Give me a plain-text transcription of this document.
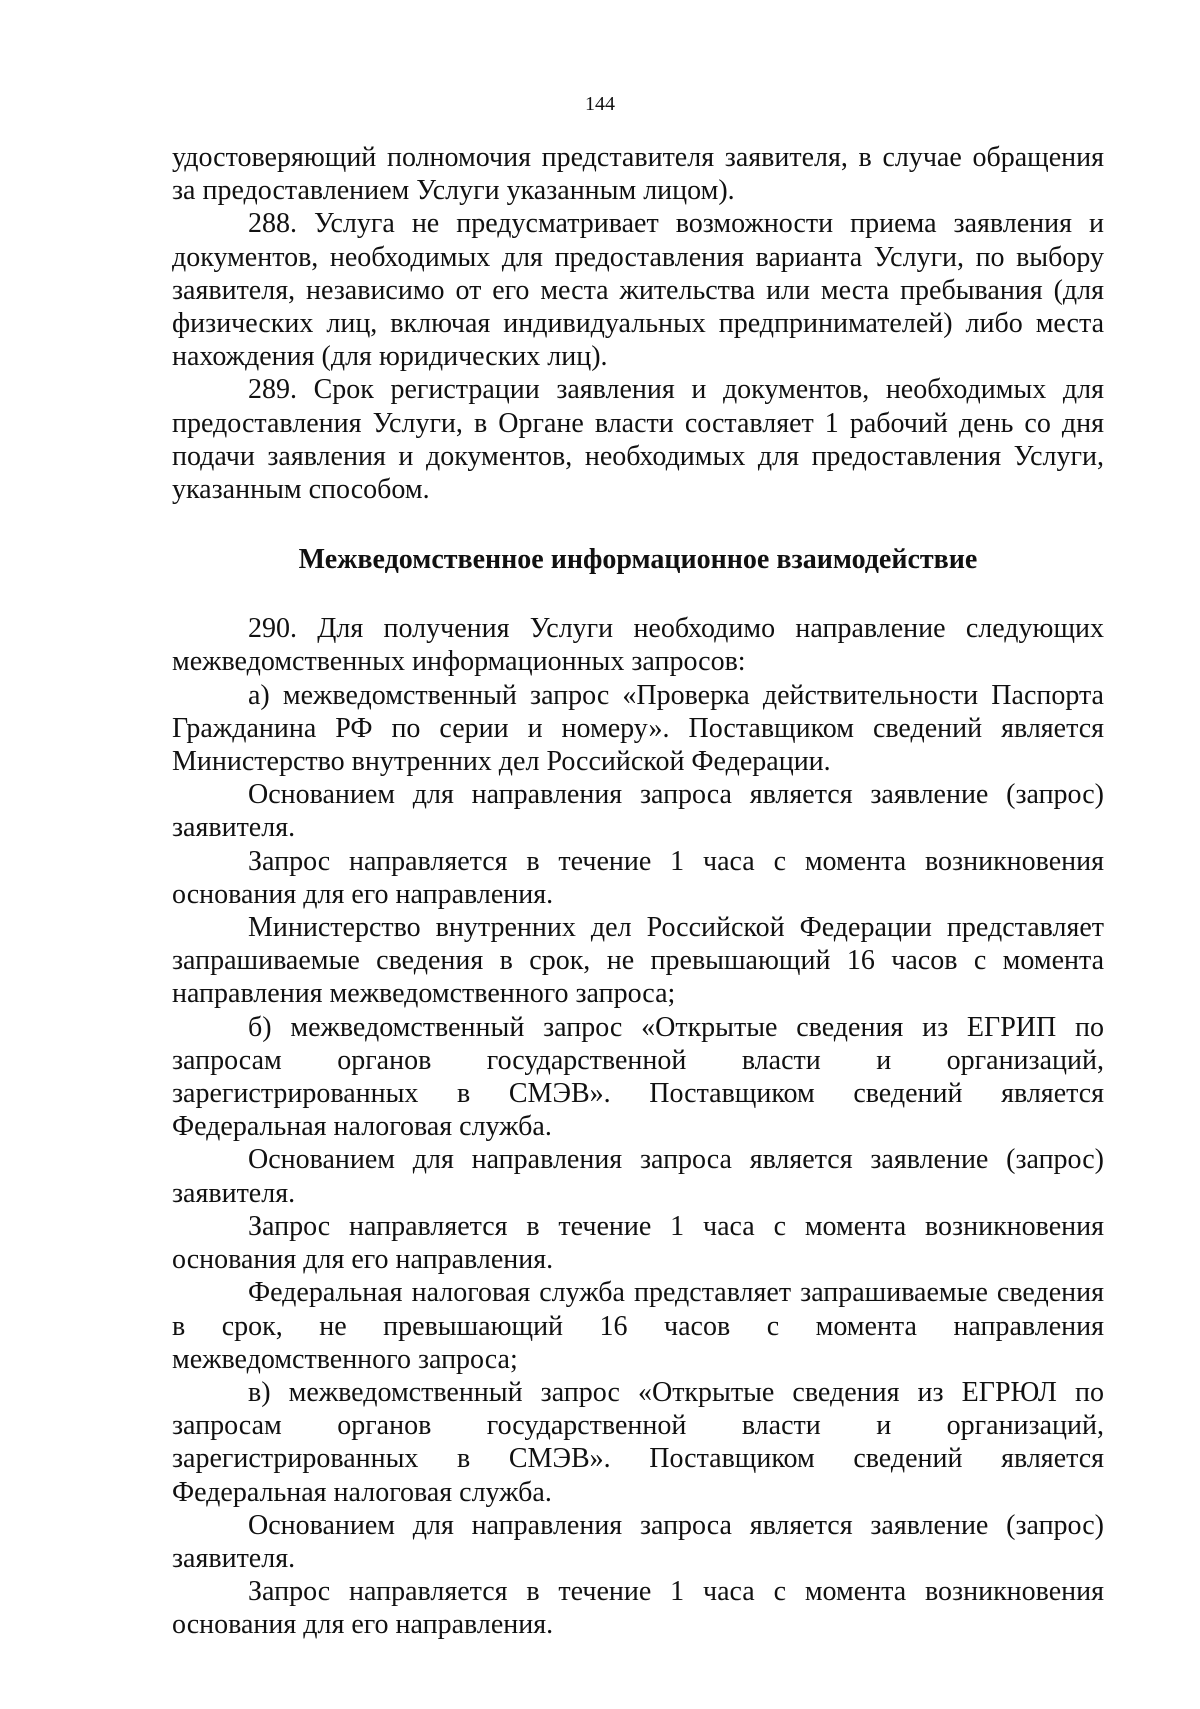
144

удостоверяющий полномочия представителя заявителя, в случае обращения за предоставлением Услуги указанным лицом).

288. Услуга не предусматривает возможности приема заявления и документов, необходимых для предоставления варианта Услуги, по выбору заявителя, независимо от его места жительства или места пребывания (для физических лиц, включая индивидуальных предпринимателей) либо места нахождения (для юридических лиц).

289. Срок регистрации заявления и документов, необходимых для предоставления Услуги, в Органе власти составляет 1 рабочий день со дня подачи заявления и документов, необходимых для предоставления Услуги, указанным способом.

Межведомственное информационное взаимодействие

290. Для получения Услуги необходимо направление следующих межведомственных информационных запросов:

а) межведомственный запрос «Проверка действительности Паспорта Гражданина РФ по серии и номеру». Поставщиком сведений является Министерство внутренних дел Российской Федерации.

Основанием для направления запроса является заявление (запрос) заявителя.

Запрос направляется в течение 1 часа с момента возникновения основания для его направления.

Министерство внутренних дел Российской Федерации представляет запрашиваемые сведения в срок, не превышающий 16 часов с момента направления межведомственного запроса;

б) межведомственный запрос «Открытые сведения из ЕГРИП по запросам органов государственной власти и организаций, зарегистрированных в СМЭВ». Поставщиком сведений является Федеральная налоговая служба.

Основанием для направления запроса является заявление (запрос) заявителя.

Запрос направляется в течение 1 часа с момента возникновения основания для его направления.

Федеральная налоговая служба представляет запрашиваемые сведения в срок, не превышающий 16 часов с момента направления межведомственного запроса;

в) межведомственный запрос «Открытые сведения из ЕГРЮЛ по запросам органов государственной власти и организаций, зарегистрированных в СМЭВ». Поставщиком сведений является Федеральная налоговая служба.

Основанием для направления запроса является заявление (запрос) заявителя.

Запрос направляется в течение 1 часа с момента возникновения основания для его направления.
